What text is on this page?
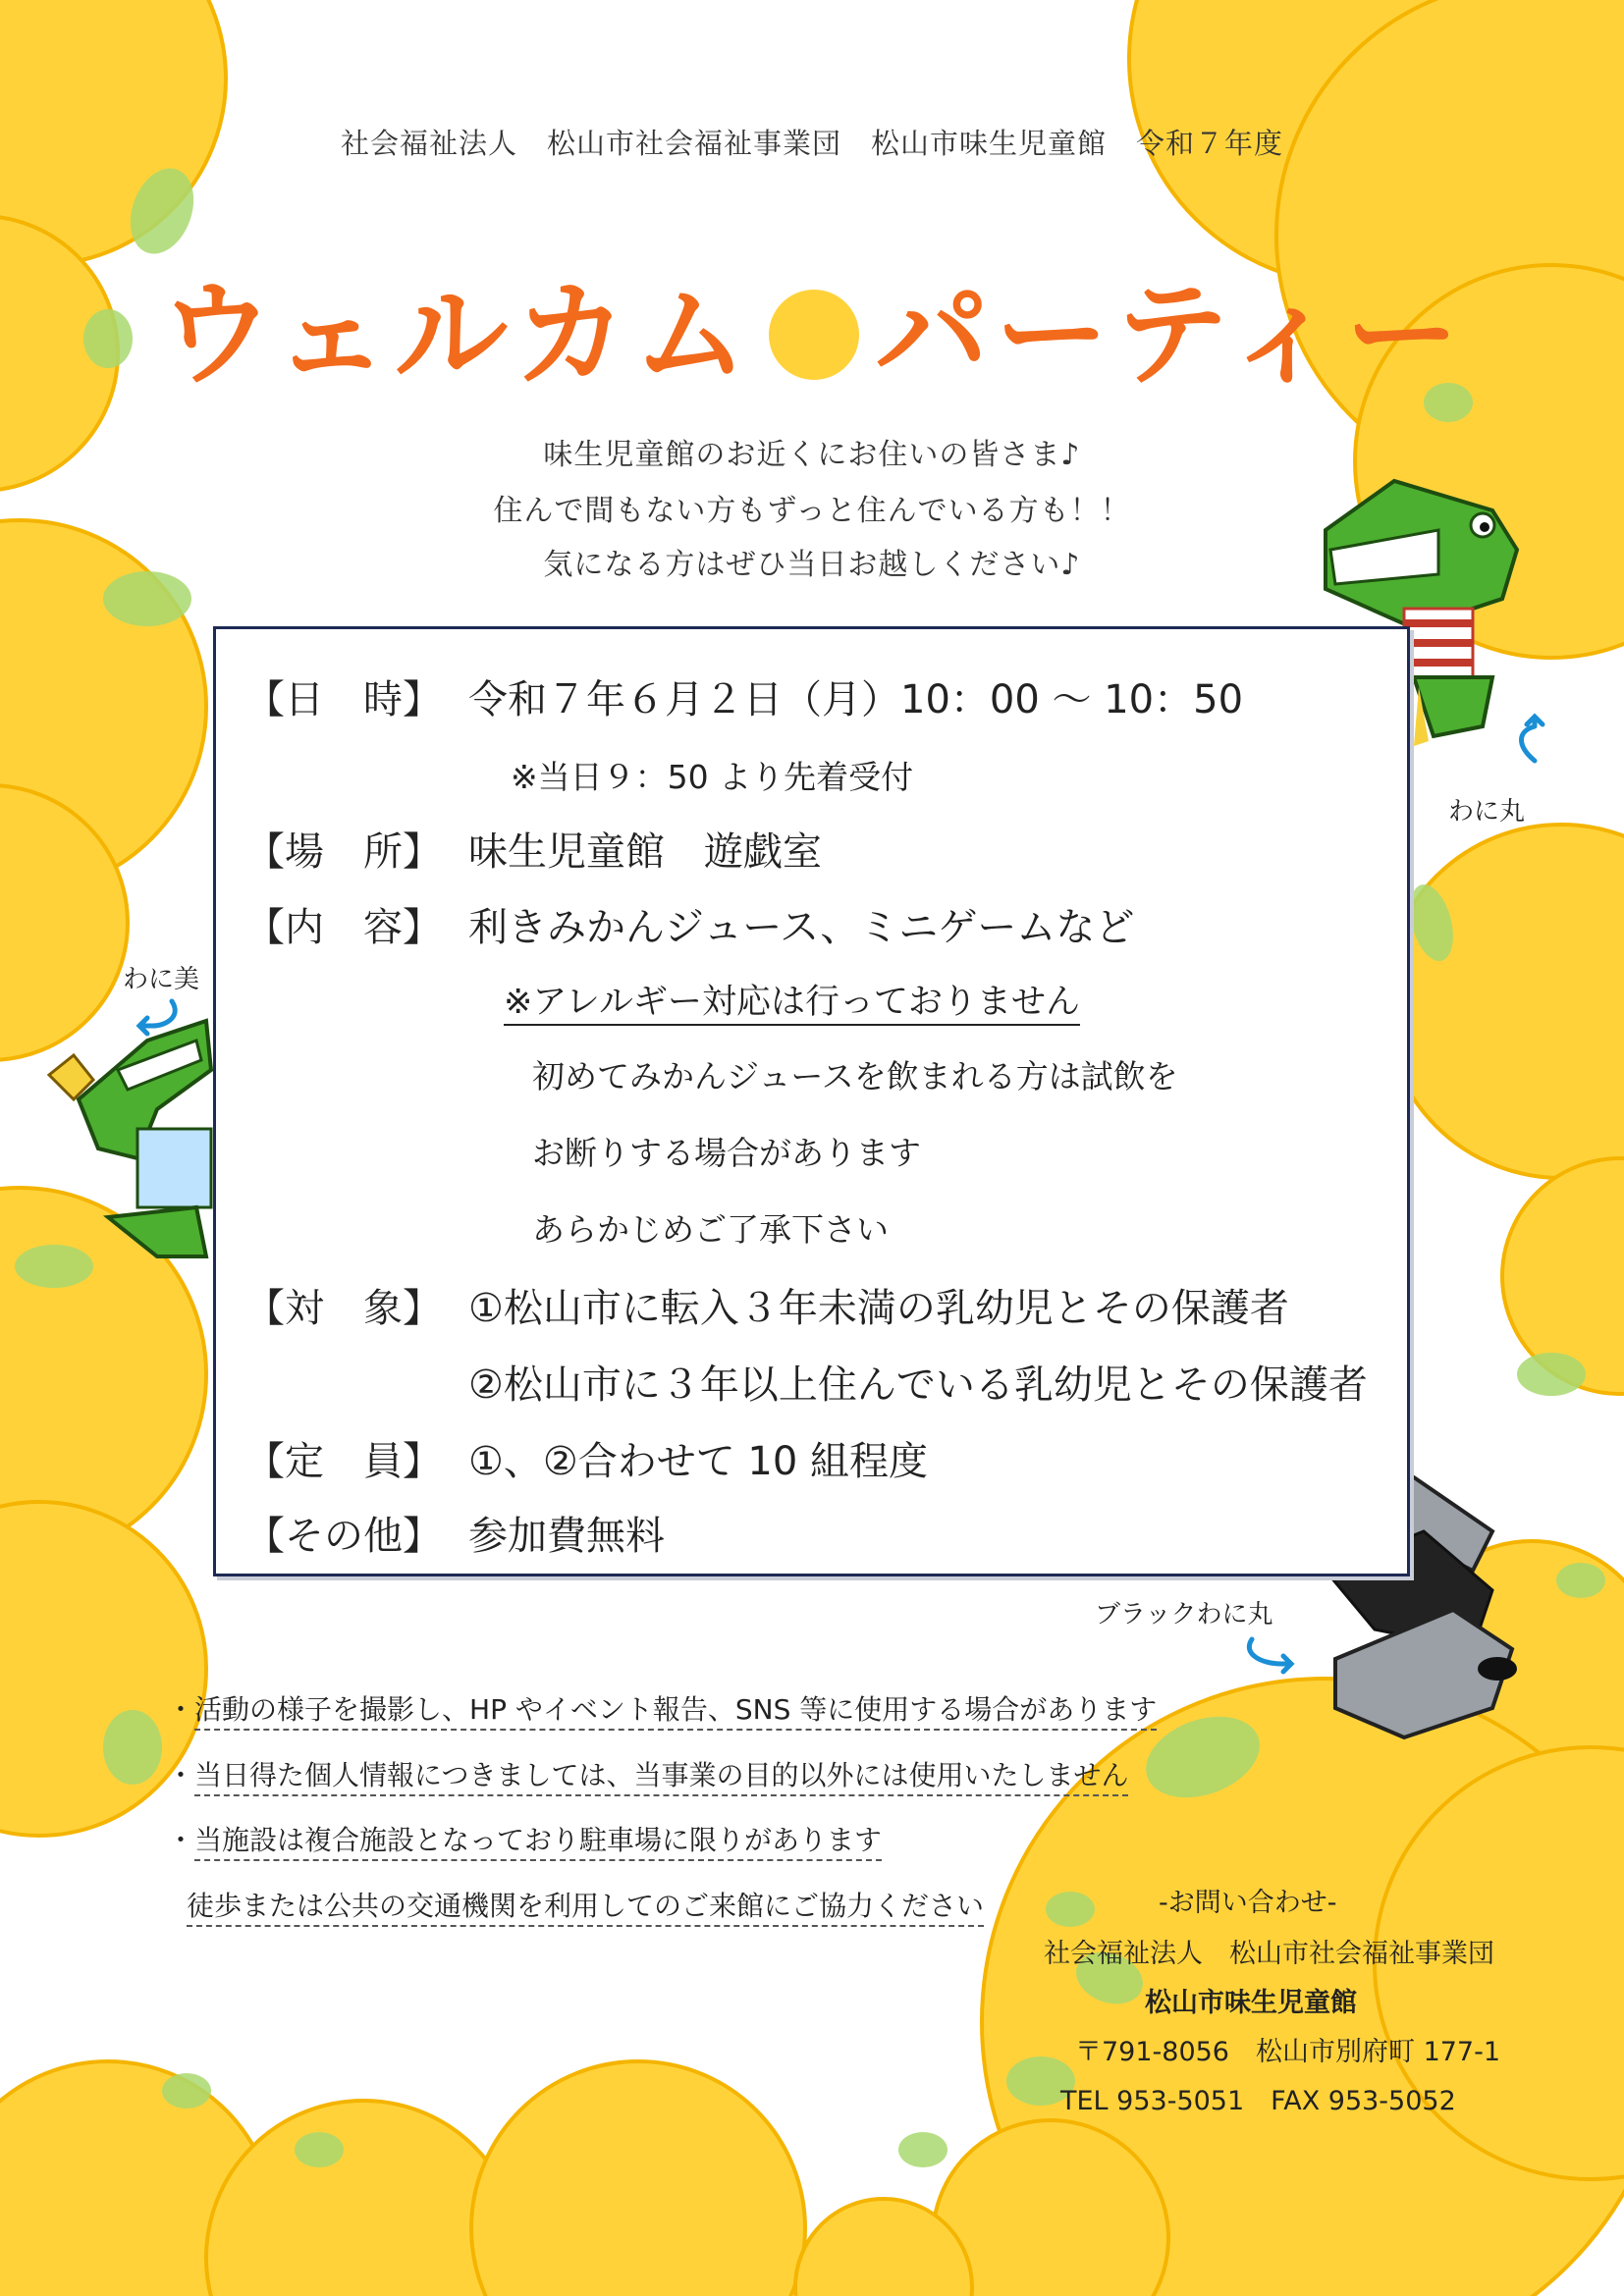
社会福祉法人　松山市社会福祉事業団　松山市味生児童館　令和７年度
ウェルカム パーティー
味生児童館のお近くにお住いの皆さま♪
住んで間もない方もずっと住んでいる方も！！
気になる方はぜひ当日お越しください♪
【日　時】 令和７年６月２日（月）10：00 ～ 10：50
※当日９：50 より先着受付
【場　所】 味生児童館　遊戯室
【内　容】 利きみかんジュース、ミニゲームなど
※アレルギー対応は行っておりません
初めてみかんジュースを飲まれる方は試飲を
お断りする場合があります
あらかじめご了承下さい
【対　象】 ①松山市に転入３年未満の乳幼児とその保護者
②松山市に３年以上住んでいる乳幼児とその保護者
【定　員】 ①、②合わせて 10 組程度
【その他】 参加費無料
わに丸
わに美
ブラックわに丸
・活動の様子を撮影し、HP やイベント報告、SNS 等に使用する場合があります
・当日得た個人情報につきましては、当事業の目的以外には使用いたしません
・当施設は複合施設となっており駐車場に限りがあります
徒歩または公共の交通機関を利用してのご来館にご協力ください	-お問い合わせ-
社会福祉法人　松山市社会福祉事業団
松山市味生児童館
〒791-8056　松山市別府町 177-1
TEL 953-5051　FAX 953-5052
